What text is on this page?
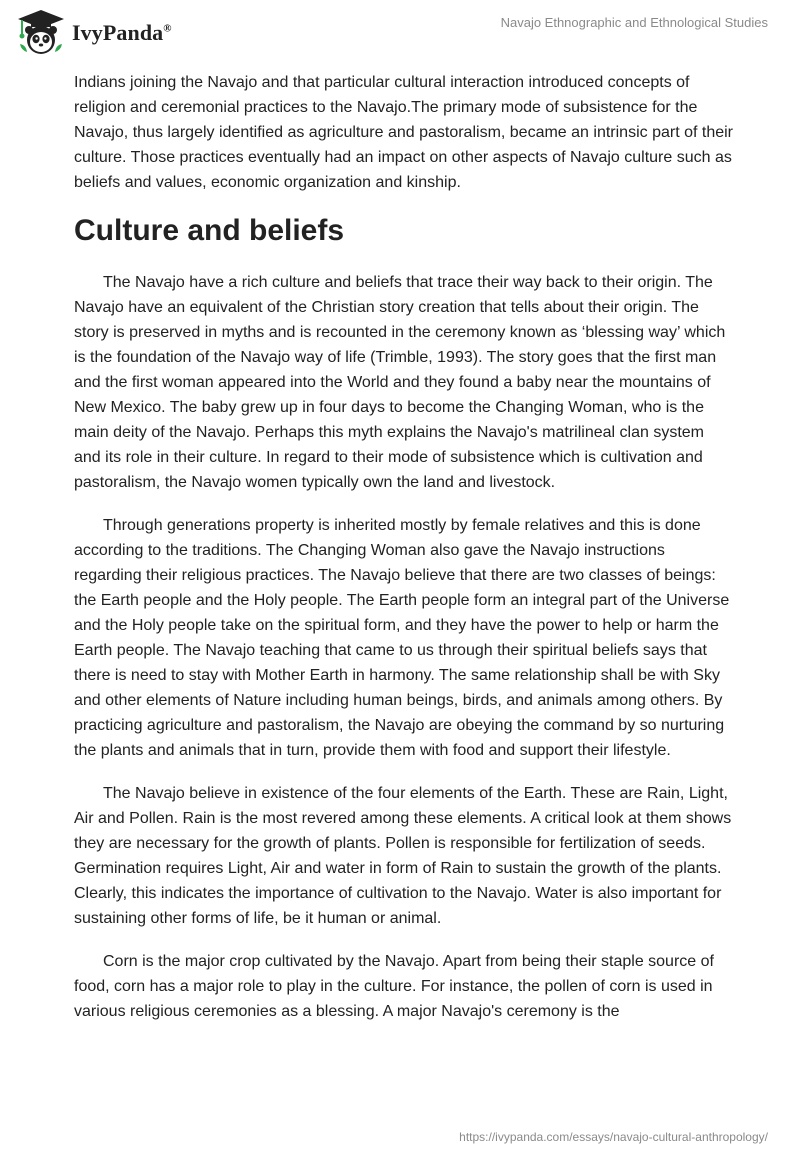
IvyPanda®	Navajo Ethnographic and Ethnological Studies

Indians joining the Navajo and that particular cultural interaction introduced concepts of religion and ceremonial practices to the Navajo.The primary mode of subsistence for the Navajo, thus largely identified as agriculture and pastoralism, became an intrinsic part of their culture. Those practices eventually had an impact on other aspects of Navajo culture such as beliefs and values, economic organization and kinship.

Culture and beliefs

The Navajo have a rich culture and beliefs that trace their way back to their origin. The Navajo have an equivalent of the Christian story creation that tells about their origin. The story is preserved in myths and is recounted in the ceremony known as ‘blessing way’ which is the foundation of the Navajo way of life (Trimble, 1993). The story goes that the first man and the first woman appeared into the World and they found a baby near the mountains of New Mexico. The baby grew up in four days to become the Changing Woman, who is the main deity of the Navajo. Perhaps this myth explains the Navajo's matrilineal clan system and its role in their culture. In regard to their mode of subsistence which is cultivation and pastoralism, the Navajo women typically own the land and livestock.

Through generations property is inherited mostly by female relatives and this is done according to the traditions. The Changing Woman also gave the Navajo instructions regarding their religious practices. The Navajo believe that there are two classes of beings: the Earth people and the Holy people. The Earth people form an integral part of the Universe and the Holy people take on the spiritual form, and they have the power to help or harm the Earth people. The Navajo teaching that came to us through their spiritual beliefs says that there is need to stay with Mother Earth in harmony. The same relationship shall be with Sky and other elements of Nature including human beings, birds, and animals among others. By practicing agriculture and pastoralism, the Navajo are obeying the command by so nurturing the plants and animals that in turn, provide them with food and support their lifestyle.

The Navajo believe in existence of the four elements of the Earth. These are Rain, Light, Air and Pollen. Rain is the most revered among these elements. A critical look at them shows they are necessary for the growth of plants. Pollen is responsible for fertilization of seeds. Germination requires Light, Air and water in form of Rain to sustain the growth of the plants. Clearly, this indicates the importance of cultivation to the Navajo. Water is also important for sustaining other forms of life, be it human or animal.

Corn is the major crop cultivated by the Navajo. Apart from being their staple source of food, corn has a major role to play in the culture. For instance, the pollen of corn is used in various religious ceremonies as a blessing. A major Navajo's ceremony is the

https://ivypanda.com/essays/navajo-cultural-anthropology/
